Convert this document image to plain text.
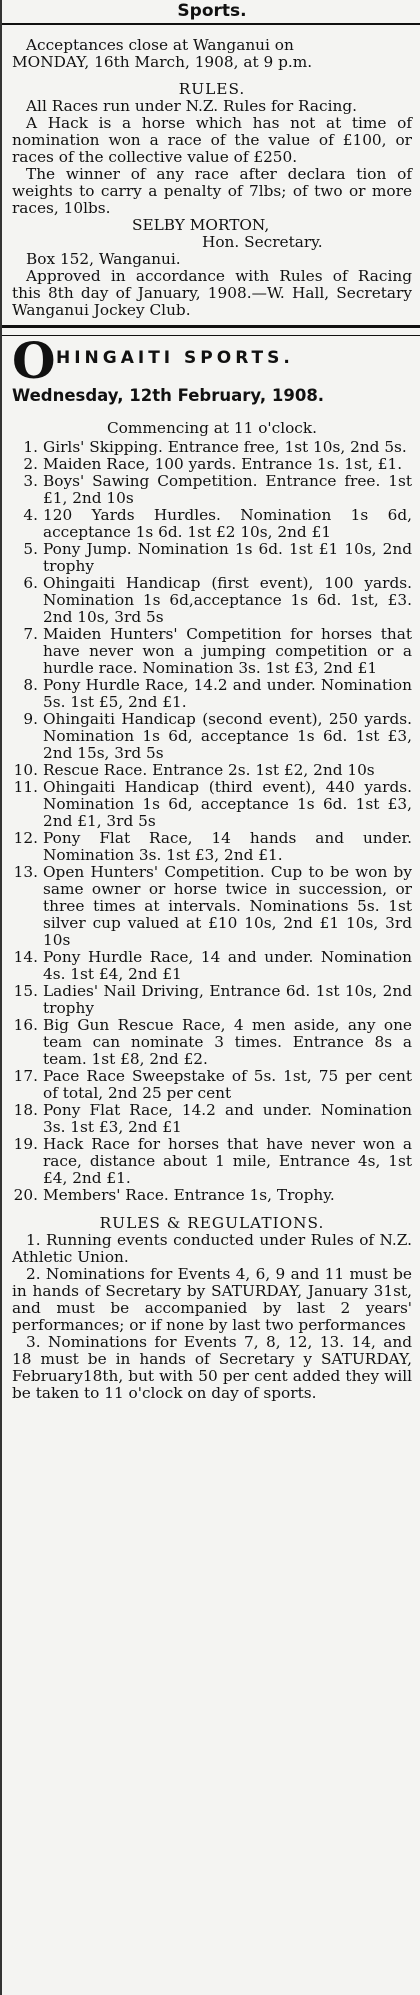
Sports.

Acceptances close at Wanganui on

MONDAY, 16th March, 1908, at 9 p.m.

RULES.

All Races run under N.Z. Rules for Racing.

A Hack is a horse which has not at time of nomination won a race of the value of £100, or races of the collective value of £250.

The winner of any race after declara tion of weights to carry a penalty of 7lbs; of two or more races, 10lbs.

SELBY MORTON,

Hon. Secretary.

Box 152, Wanganui.

Approved in accordance with Rules of Racing this 8th day of January, 1908.—W. Hall, Secretary Wanganui Jockey Club.

O HINGAITI SPORTS.
Wednesday, 12th February, 1908.

Commencing at 11 o'clock.

1. Girls' Skipping. Entrance free, 1st 10s, 2nd 5s.
2. Maiden Race, 100 yards. Entrance 1s. 1st, £1.
3. Boys' Sawing Competition. Entrance free. 1st £1, 2nd 10s
4. 120 Yards Hurdles. Nomination 1s 6d, acceptance 1s 6d. 1st £2 10s, 2nd £1
5. Pony Jump. Nomination 1s 6d. 1st £1 10s, 2nd trophy
6. Ohingaiti Handicap (first event), 100 yards. Nomination 1s 6d,acceptance 1s 6d. 1st, £3. 2nd 10s, 3rd 5s
7. Maiden Hunters' Competition for horses that have never won a jumping competition or a hurdle race. Nomination 3s. 1st £3, 2nd £1
8. Pony Hurdle Race, 14.2 and under. Nomination 5s. 1st £5, 2nd £1.
9. Ohingaiti Handicap (second event), 250 yards. Nomination 1s 6d, acceptance 1s 6d. 1st £3, 2nd 15s, 3rd 5s
10. Rescue Race. Entrance 2s. 1st £2, 2nd 10s
11. Ohingaiti Handicap (third event), 440 yards. Nomination 1s 6d, acceptance 1s 6d. 1st £3, 2nd £1, 3rd 5s
12. Pony Flat Race, 14 hands and under. Nomination 3s. 1st £3, 2nd £1.
13. Open Hunters' Competition. Cup to be won by same owner or horse twice in succession, or three times at intervals. Nominations 5s. 1st silver cup valued at £10 10s, 2nd £1 10s, 3rd 10s
14. Pony Hurdle Race, 14 and under. Nomination 4s. 1st £4, 2nd £1
15. Ladies' Nail Driving, Entrance 6d. 1st 10s, 2nd trophy
16. Big Gun Rescue Race, 4 men aside, any one team can nominate 3 times. Entrance 8s a team. 1st £8, 2nd £2.
17. Pace Race Sweepstake of 5s. 1st, 75 per cent of total, 2nd 25 per cent
18. Pony Flat Race, 14.2 and under. Nomination 3s. 1st £3, 2nd £1
19. Hack Race for horses that have never won a race, distance about 1 mile, Entrance 4s, 1st £4, 2nd £1.
20. Members' Race. Entrance 1s, Trophy.
RULES & REGULATIONS.

1. Running events conducted under Rules of N.Z. Athletic Union.

2. Nominations for Events 4, 6, 9 and 11 must be in hands of Secretary by SATURDAY, January 31st, and must be accompanied by last 2 years' performances; or if none by last two performances

3. Nominations for Events 7, 8, 12, 13. 14, and 18 must be in hands of Secretary y SATURDAY, February18th, but with 50 per cent added they will be taken to 11 o'clock on day of sports.
